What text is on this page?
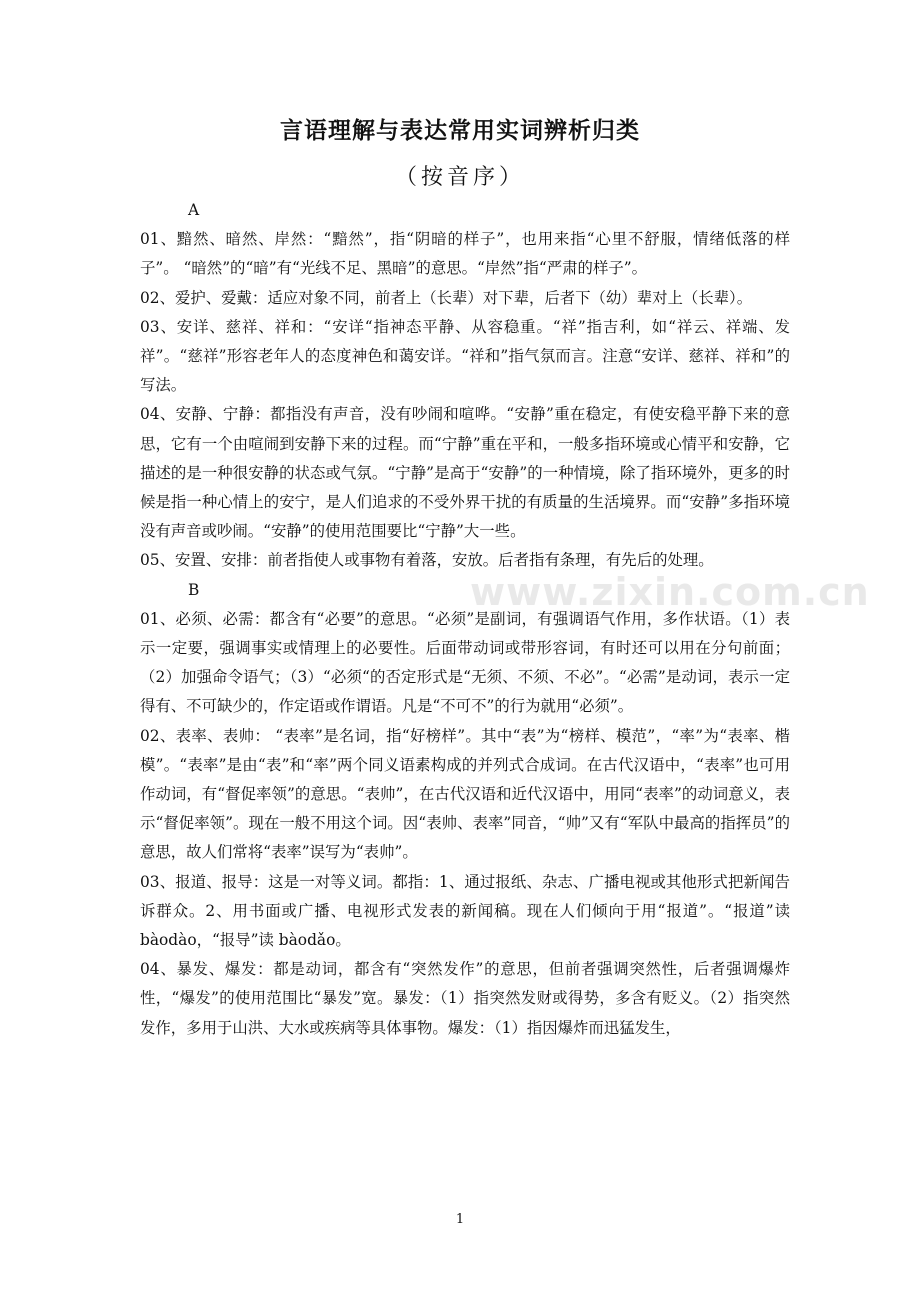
www.zixin.com.cn
言语理解与表达常用实词辨析归类
（按音序）

A

01、黯然、暗然、岸然：“黯然”，指“阴暗的样子”，也用来指“心里不舒服，情绪低落的样子”。 “暗然”的“暗”有“光线不足、黑暗”的意思。“岸然”指“严肃的样子”。

02、爱护、爱戴：适应对象不同，前者上（长辈）对下辈，后者下（幼）辈对上（长辈）。

03、安详、慈祥、祥和：“安详“指神态平静、从容稳重。“祥”指吉利，如“祥云、祥端、发祥”。“慈祥”形容老年人的态度神色和蔼安详。“祥和”指气氛而言。注意“安详、慈祥、祥和”的写法。

04、安静、宁静：都指没有声音，没有吵闹和喧哗。“安静”重在稳定，有使安稳平静下来的意思，它有一个由喧闹到安静下来的过程。而“宁静”重在平和，一般多指环境或心情平和安静，它描述的是一种很安静的状态或气氛。“宁静”是高于“安静”的一种情境，除了指环境外，更多的时候是指一种心情上的安宁，是人们追求的不受外界干扰的有质量的生活境界。而“安静”多指环境没有声音或吵闹。“安静”的使用范围要比“宁静”大一些。

05、安置、安排：前者指使人或事物有着落，安放。后者指有条理，有先后的处理。

B

01、必须、必需：都含有“必要”的意思。“必须”是副词，有强调语气作用，多作状语。（1）表示一定要，强调事实或情理上的必要性。后面带动词或带形容词，有时还可以用在分句前面；（2）加强命令语气；（3）“必须“的否定形式是“无须、不须、不必”。“必需”是动词，表示一定得有、不可缺少的，作定语或作谓语。凡是“不可不”的行为就用“必须”。

02、表率、表帅： “表率”是名词，指“好榜样”。其中“表”为“榜样、模范”，“率”为“表率、楷模”。“表率”是由“表”和“率”两个同义语素构成的并列式合成词。在古代汉语中，“表率”也可用作动词，有“督促率领”的意思。“表帅”，在古代汉语和近代汉语中，用同“表率”的动词意义，表示“督促率领”。现在一般不用这个词。因“表帅、表率”同音，“帅”又有“军队中最高的指挥员”的意思，故人们常将“表率”误写为“表帅”。

03、报道、报导：这是一对等义词。都指：1、通过报纸、杂志、广播电视或其他形式把新闻告诉群众。2、用书面或广播、电视形式发表的新闻稿。现在人们倾向于用“报道”。“报道”读 bàodào，“报导”读 bàodǎo。

04、暴发、爆发：都是动词，都含有“突然发作”的意思，但前者强调突然性，后者强调爆炸性，“爆发”的使用范围比“暴发”宽。暴发：（1）指突然发财或得势，多含有贬义。（2）指突然发作，多用于山洪、大水或疾病等具体事物。爆发：（1）指因爆炸而迅猛发生，

1
